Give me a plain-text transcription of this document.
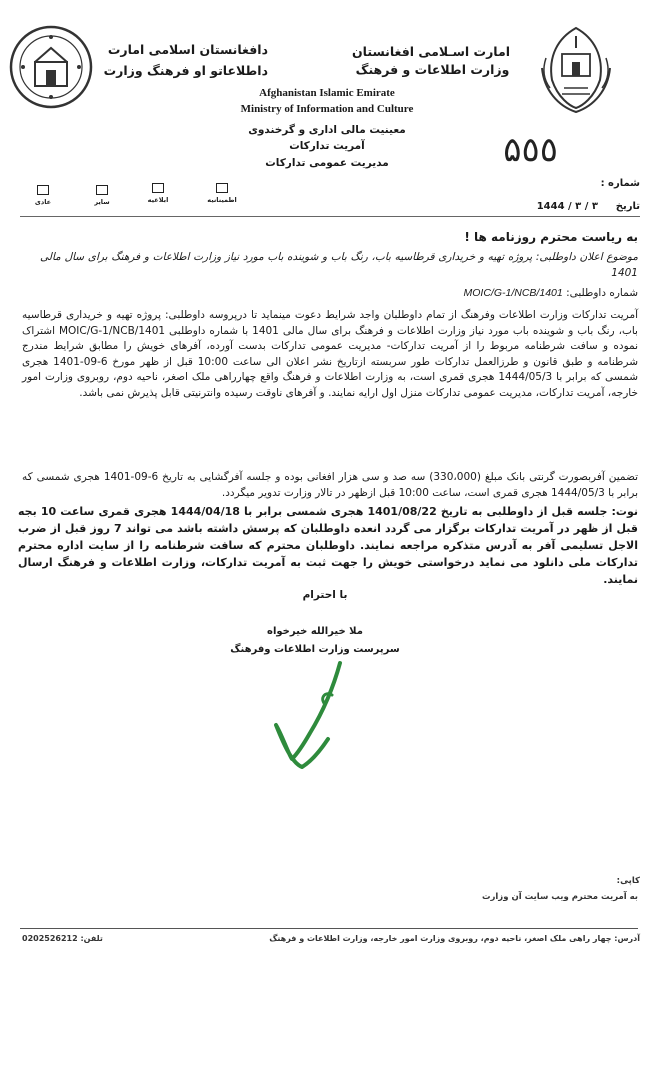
امارت اسـلامی افغانستان
وزارت اطلاعات و فرهنگ
دافغانستان اسلامی امارت
داطلاعاتو او فرهنگ وزارت
Afghanistan Islamic Emirate
Ministry of Information and Culture
معینیت مالی اداری و گرخندوی
آمریت تدارکات
مدیریت عمومی تدارکات
شماره :
۵٥٥
تاریخ
1444 / ۳ / ۳
اطمینانیه
ابلاغیه
سایر
عادی
به ریاست محترم روزنامه ها !
موضوع اعلان داوطلبی: پروژه تهیه و خریداری قرطاسیه باب، رنگ باب و شوینده باب مورد نیاز وزارت اطلاعات و فرهنگ برای سال مالی 1401
شماره داوطلبی: MOIC/G-1/NCB/1401
آمریت تدارکات وزارت اطلاعات وفرهنگ از تمام داوطلبان واجد شرایط دعوت مینماید تا درپروسه داوطلبی: پروژه تهیه و خریداری قرطاسیه باب، رنگ باب و شوینده باب مورد نیاز وزارت اطلاعات و فرهنگ برای سال مالی 1401 با شماره داوطلبی MOIC/G-1/NCB/1401 اشتراک نموده و سافت شرطنامه مربوط را از آمریت تدارکات- مدیریت عمومی تدارکات بدست آورده، آفرهای خویش را مطابق شرایط مندرج شرطنامه و طبق قانون و طرزالعمل تدارکات طور سربسته ازتاریخ نشر اعلان الی ساعت 10:00 قبل از ظهر مورخ 6-09-1401 هجری شمسی که برابر با 1444/05/3 هجری قمری است، به وزارت اطلاعات و فرهنگ واقع چهارراهی ملک اصغر، ناحیه دوم، روبروی وزارت امور خارجه، آمریت تدارکات، مدیریت عمومی تدارکات منزل اول ارایه نمایند. و آفرهای ناوقت رسیده وانترنیتی قابل پذیرش نمی باشد.
تضمین آفربصورت گرنتی بانک مبلغ (330،000) سه صد و سی هزار افغانی بوده و جلسه آفرگشایی به تاریخ 6-09-1401 هجری شمسی که برابر با 1444/05/3 هجری قمری است، ساعت 10:00 قبل ازظهر در تالار وزارت تدویر میگردد.
نوت: جلسه قبل از داوطلبی به تاریخ 1401/08/22 هجری شمسی برابر با 1444/04/18 هجری قمری ساعت 10 بجه قبل از ظهر در آمریت تدارکات برگزار می گردد انعده داوطلبان که پرسش داشته باشد می تواند 7 روز قبل از ضرب الاجل تسلیمی آفر به آدرس متذکره مراجعه نمایند. داوطلبان محترم که سافت شرطنامه را از سایت اداره محترم تدارکات ملی دانلود می نماید درخواستی خویش را جهت ثبت به آمریت تدارکات، وزارت اطلاعات و فرهنگ ارسال نمایند.
با احترام
ملا خیرالله خیرخواه
سرپرست وزارت اطلاعات وفرهنگ
کاپی:
به آمریت محترم ویب سایت آن وزارت
آدرس: چهار راهی ملک اصغر، ناحیه دوم، روبروی وزارت امور خارجه، وزارت اطلاعات و فرهنگ
0202526212 تلفن:
